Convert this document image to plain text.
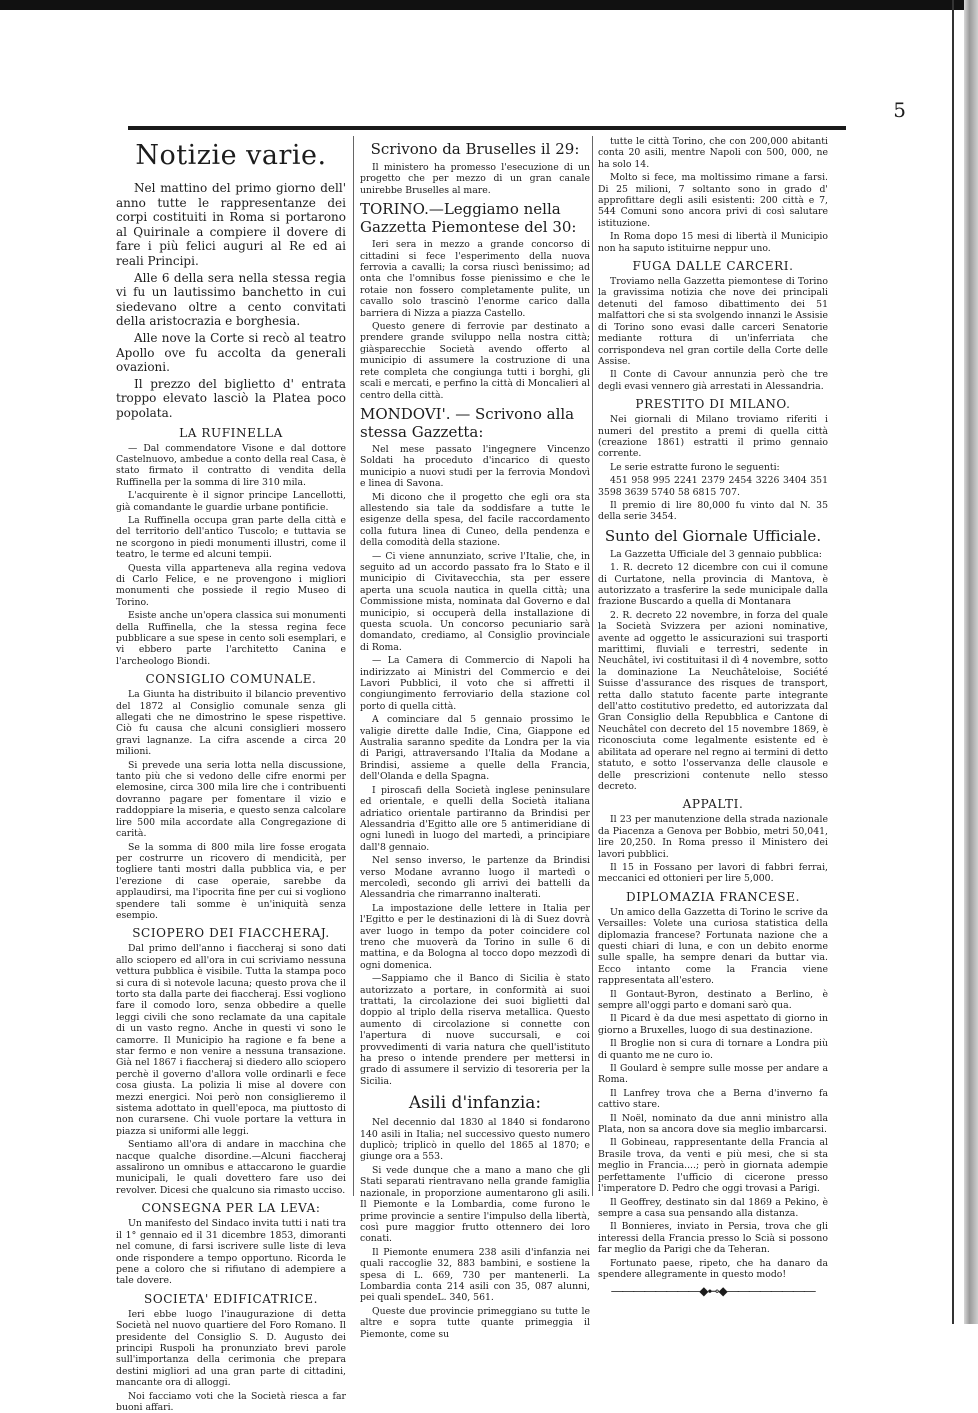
5
Notizie varie.

Nel mattino del primo giorno dell' anno tutte le rappresentanze dei corpi costituiti in Roma si portarono al Quirinale a compiere il dovere di fare i più felici auguri al Re ed ai reali Principi.

Alle 6 della sera nella stessa regia vi fu un lautissimo banchetto in cui siedevano oltre a cento convitati della aristocrazia e borghesia.

Alle nove la Corte si recò al teatro Apollo ove fu accolta da generali ovazioni.

Il prezzo del biglietto d' entrata troppo elevato lasciò la Platea poco popolata.

LA RUFINELLA

— Dal commendatore Visone e dal dottore Castelnuovo, ambedue a conto della real Casa, è stato firmato il contratto di vendita della Ruffinella per la somma di lire 310 mila.

L'acquirente è il signor principe Lancellotti, già comandante le guardie urbane pontificie.

La Ruffinella occupa gran parte della città e del territorio dell'antico Tuscolo; e tuttavia se ne scorgono in piedi monumenti illustri, come il teatro, le terme ed alcuni tempii.

Questa villa apparteneva alla regina vedova di Carlo Felice, e ne provengono i migliori monumenti che possiede il regio Museo di Torino.

Esiste anche un'opera classica sui monumenti della Ruffinella, che la stessa regina fece pubblicare a sue spese in cento soli esemplari, e vi ebbero parte l'architetto Canina e l'archeologo Biondi.

CONSIGLIO COMUNALE.

La Giunta ha distribuito il bilancio preventivo del 1872 al Consiglio comunale senza gli allegati che ne dimostrino le spese rispettive. Ciò fu causa che alcuni consiglieri mossero gravi lagnanze. La cifra ascende a circa 20 milioni.

Si prevede una seria lotta nella discussione, tanto più che si vedono delle cifre enormi per elemosine, circa 300 mila lire che i contribuenti dovranno pagare per fomentare il vizio e raddoppiare la miseria, e questo senza calcolare lire 500 mila accordate alla Congregazione di carità.

Se la somma di 800 mila lire fosse erogata per costrurre un ricovero di mendicità, per togliere tanti mostri dalla pubblica via, e per l'erezione di case operaie, sarebbe da applaudirsi, ma l'ipocrita fine per cui si vogliono spendere tali somme è un'iniquità senza esempio.

SCIOPERO DEI FIACCHERAJ.

Dal primo dell'anno i fiaccheraj si sono dati allo sciopero ed all'ora in cui scriviamo nessuna vettura pubblica è visibile. Tutta la stampa poco si cura di sì notevole lacuna; questo prova che il torto sta dalla parte dei fiaccheraj. Essi vogliono fare il comodo loro, senza obbedire a quelle leggi civili che sono reclamate da una capitale di un vasto regno. Anche in questi vi sono le camorre. Il Municipio ha ragione e fa bene a star fermo e non venire a nessuna transazione. Già nel 1867 i fiaccheraj si diedero allo sciopero perchè il governo d'allora volle ordinarli e fece cosa giusta. La polizia li mise al dovere con mezzi energici. Noi però non consiglieremo il sistema adottato in quell'epoca, ma piuttosto di non curarsene. Chi vuole portare la vettura in piazza si uniformi alle leggi.

Sentiamo all'ora di andare in macchina che nacque qualche disordine.—Alcuni fiaccheraj assalirono un omnibus e attaccarono le guardie municipali, le quali dovettero fare uso dei revolver. Dicesi che qualcuno sia rimasto ucciso.

CONSEGNA PER LA LEVA:

Un manifesto del Sindaco invita tutti i nati tra il 1° gennaio ed il 31 dicembre 1853, dimoranti nel comune, di farsi iscrivere sulle liste di leva onde rispondere a tempo opportuno. Ricorda le pene a coloro che si rifiutano di adempiere a tale dovere.

SOCIETA' EDIFICATRICE.

Ieri ebbe luogo l'inaugurazione di detta Società nel nuovo quartiere del Foro Romano. Il presidente del Consiglio S. D. Augusto dei principi Ruspoli ha pronunziato brevi parole sull'importanza della cerimonia che prepara destini migliori ad una gran parte di cittadini, mancante ora di alloggi.

Noi facciamo voti che la Società riesca a far buoni affari.

Scrivono da Bruselles il 29:

Il ministero ha promesso l'esecuzione di un progetto che per mezzo di un gran canale unirebbe Bruselles al mare.

TORINO.—Leggiamo nella Gazzetta Piemontese del 30:

Ieri sera in mezzo a grande concorso di cittadini si fece l'esperimento della nuova ferrovia a cavalli; la corsa riuscì benissimo; ad onta che l'omnibus fosse pienissimo e che le rotaie non fossero completamente pulite, un cavallo solo trascinò l'enorme carico dalla barriera di Nizza a piazza Castello.

Questo genere di ferrovie par destinato a prendere grande sviluppo nella nostra città; giàsparecchie Società avendo offerto al municipio di assumere la costruzione di una rete completa che congiunga tutti i borghi, gli scali e mercati, e perfino la città di Moncalieri al centro della città.

MONDOVI'. — Scrivono alla stessa Gazzetta:

Nel mese passato l'ingegnere Vincenzo Soldati ha proceduto d'incarico di questo municipio a nuovi studi per la ferrovia Mondovì e linea di Savona.

Mi dicono che il progetto che egli ora sta allestendo sia tale da soddisfare a tutte le esigenze della spesa, del facile raccordamento colla futura linea di Cuneo, della pendenza e della comodità della stazione.

— Ci viene annunziato, scrive l'Italie, che, in seguito ad un accordo passato fra lo Stato e il municipio di Civitavecchia, sta per essere aperta una scuola nautica in quella città; una Commissione mista, nominata dal Governo e dal municipio, si occuperà della installazione di questa scuola. Un concorso pecuniario sarà domandato, crediamo, al Consiglio provinciale di Roma.

— La Camera di Commercio di Napoli ha indirizzato ai Ministri del Commercio e dei Lavori Pubblici, il voto che si affretti il congiungimento ferroviario della stazione col porto di quella città.

A cominciare dal 5 gennaio prossimo le valigie dirette dalle Indie, Cina, Giappone ed Australia saranno spedite da Londra per la via di Parigi, attraversando l'Italia da Modane a Brindisi, assieme a quelle della Francia, dell'Olanda e della Spagna.

I piroscafi della Società inglese peninsulare ed orientale, e quelli della Società italiana adriatico orientale partiranno da Brindisi per Alessandria d'Egitto alle ore 5 antimeridiane di ogni lunedì in luogo del martedì, a principiare dall'8 gennaio.

Nel senso inverso, le partenze da Brindisi verso Modane avranno luogo il martedì o mercoledì, secondo gli arrivi dei battelli da Alessandria che rimarranno inalterati.

La impostazione delle lettere in Italia per l'Egitto e per le destinazioni di là di Suez dovrà aver luogo in tempo da poter coincidere col treno che muoverà da Torino in sulle 6 di mattina, e da Bologna al tocco dopo mezzodì di ogni domenica.

—Sappiamo che il Banco di Sicilia è stato autorizzato a portare, in conformità ai suoi trattati, la circolazione dei suoi biglietti dal doppio al triplo della riserva metallica. Questo aumento di circolazione si connette con l'apertura di nuove succursali, e coi provvedimenti di varia natura che quell'istituto ha preso o intende prendere per mettersi in grado di assumere il servizio di tesoreria per la Sicilia.

Asili d'infanzia:

Nel decennio dal 1830 al 1840 si fondarono 140 asili in Italia; nel successivo questo numero duplicò; triplicò in quello del 1865 al 1870; e giunge ora a 553.

Si vede dunque che a mano a mano che gli Stati separati rientravano nella grande famiglia nazionale, in proporzione aumentarono gli asili. Il Piemonte e la Lombardia, come furono le prime provincie a sentire l'impulso della libertà, così pure maggior frutto ottennero dei loro conati.

Il Piemonte enumera 238 asili d'infanzia nei quali raccoglie 32, 883 bambini, e sostiene la spesa di L. 669, 730 per mantenerli. La Lombardia conta 214 asili con 35, 087 alunni, pei quali spendeL. 340, 561.

Queste due provincie primeggiano su tutte le altre e sopra tutte quante primeggia il Piemonte, come su

tutte le città Torino, che con 200,000 abitanti conta 20 asili, mentre Napoli con 500, 000, ne ha solo 14.

Molto si fece, ma moltissimo rimane a farsi. Di 25 milioni, 7 soltanto sono in grado d' approfittare degli asili esistenti: 200 città e 7, 544 Comuni sono ancora privi di così salutare istituzione.

In Roma dopo 15 mesi di libertà il Municipio non ha saputo istituirne neppur uno.

FUGA DALLE CARCERI.

Troviamo nella Gazzetta piemontese di Torino la gravissima notizia che nove dei principali detenuti del famoso dibattimento dei 51 malfattori che si sta svolgendo innanzi le Assisie di Torino sono evasi dalle carceri Senatorie mediante rottura di un'inferriata che corrispondeva nel gran cortile della Corte delle Assise.

Il Conte di Cavour annunzia però che tre degli evasi vennero già arrestati in Alessandria.

PRESTITO DI MILANO.

Nei giornali di Milano troviamo riferiti i numeri del prestito a premi di quella città (creazione 1861) estratti il primo gennaio corrente.

Le serie estratte furono le seguenti:

451 958 995 2241 2379 2454 3226 3404 351 3598 3639 5740 58 6815 707.

Il premio di lire 80,000 fu vinto dal N. 35 della serie 3454.

Sunto del Giornale Ufficiale.

La Gazzetta Ufficiale del 3 gennaio pubblica:

1. R. decreto 12 dicembre con cui il comune di Curtatone, nella provincia di Mantova, è autorizzato a trasferire la sede municipale dalla frazione Buscardo a quella di Montanara

2. R. decreto 22 novembre, in forza del quale la Società Svizzera per azioni nominative, avente ad oggetto le assicurazioni sui trasporti marittimi, fluviali e terrestri, sedente in Neuchâtel, ivi costituitasi il dì 4 novembre, sotto la dominazione La Neuchâteloise, Société Suisse d'assurance des risques de transport, retta dallo statuto facente parte integrante dell'atto costitutivo predetto, ed autorizzata dal Gran Consiglio della Repubblica e Cantone di Neuchâtel con decreto del 15 novembre 1869, è riconosciuta come legalmente esistente ed è abilitata ad operare nel regno ai termini di detto statuto, e sotto l'osservanza delle clausole e delle prescrizioni contenute nello stesso decreto.

APPALTI.

Il 23 per manutenzione della strada nazionale da Piacenza a Genova per Bobbio, metri 50,041, lire 20,250. In Roma presso il Ministero dei lavori pubblici.

Il 15 in Fossano per lavori di fabbri ferrai, meccanici ed ottonieri per lire 5,000.

DIPLOMAZIA FRANCESE.

Un amico della Gazzetta di Torino le scrive da Versailles: Volete una curiosa statistica della diplomazia francese? Fortunata nazione che a questi chiari di luna, e con un debito enorme sulle spalle, ha sempre denari da buttar via. Ecco intanto come la Francia viene rappresentata all'estero.

Il Gontaut-Byron, destinato a Berlino, è sempre all'oggi parto e domani sarò qua.

Il Picard è da due mesi aspettato di giorno in giorno a Bruxelles, luogo di sua destinazione.

Il Broglie non si cura di tornare a Londra più di quanto me ne curo io.

Il Goulard è sempre sulle mosse per andare a Roma.

Il Lanfrey trova che a Berna d'inverno fa cattivo stare.

Il Noël, nominato da due anni ministro alla Plata, non sa ancora dove sia meglio imbarcarsi.

Il Gobineau, rappresentante della Francia al Brasile trova, da venti e più mesi, che si sta meglio in Francia....; però in giornata adempie perfettamente l'ufficio di cicerone presso l'imperatore D. Pedro che oggi trovasi a Parigi.

Il Geoffrey, destinato sin dal 1869 a Pekino, è sempre a casa sua pensando alla distanza.

Il Bonnieres, inviato in Persia, trova che gli interessi della Francia presso lo Scià si possono far meglio da Parigi che da Teheran.

Fortunato paese, ripeto, che ha danaro da spendere allegramente in questo modo!

――――――――◆⊷◆――――――――
